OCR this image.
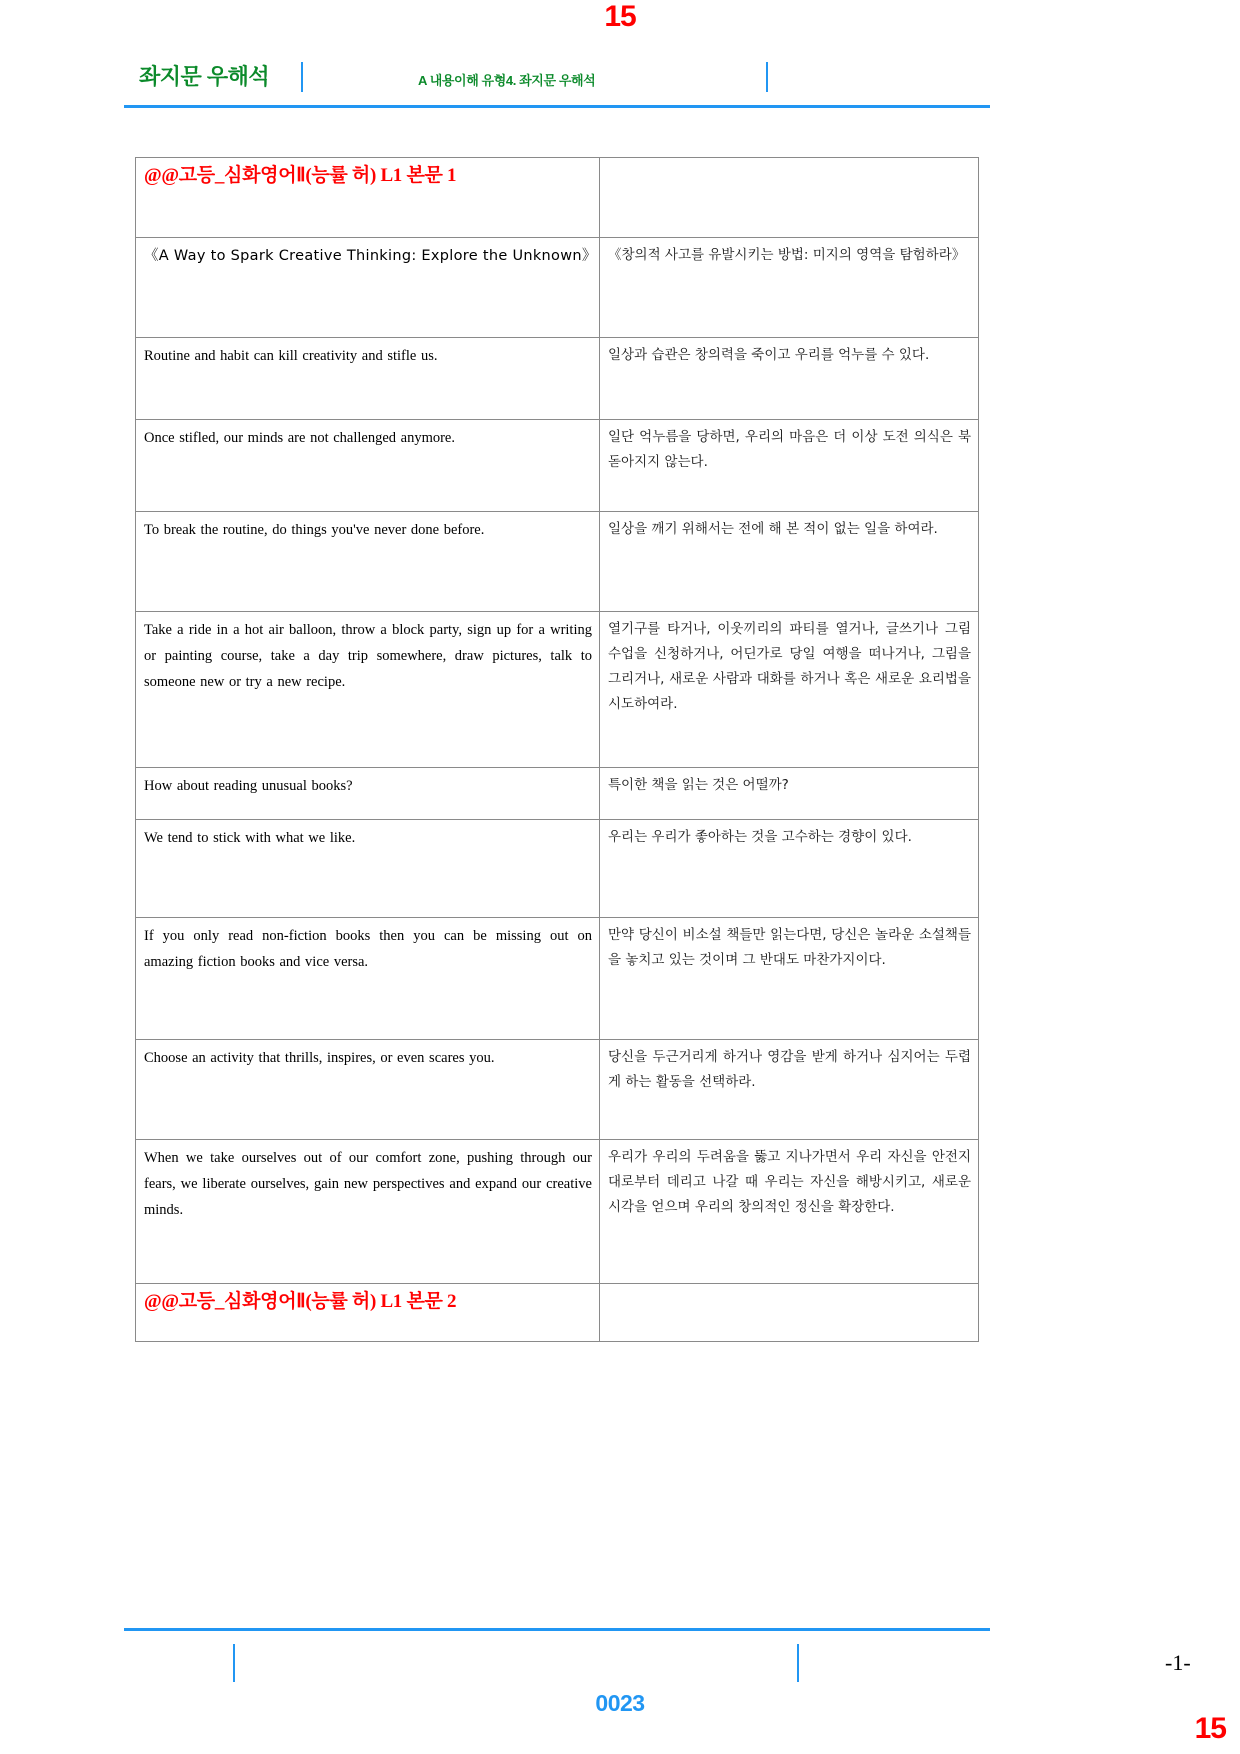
15
좌지문 우해석	A 내용이해 유형4. 좌지문 우해석
@@고등_심화영어Ⅱ(능률 허) L1 본문 1	
《A Way to Spark Creative Thinking: Explore the Unknown》	《창의적 사고를 유발시키는 방법: 미지의 영역을 탐험하라》
Routine and habit can kill creativity and stifle us.	일상과 습관은 창의력을 죽이고 우리를 억누를 수 있다.
Once stifled, our minds are not challenged anymore.	일단 억누름을 당하면, 우리의 마음은 더 이상 도전 의식은 북돋아지지 않는다.
To break the routine, do things you've never done before.	일상을 깨기 위해서는 전에 해 본 적이 없는 일을 하여라.
Take a ride in a hot air balloon, throw a block party, sign up for a writing or painting course, take a day trip somewhere, draw pictures, talk to someone new or try a new recipe.	열기구를 타거나, 이웃끼리의 파티를 열거나, 글쓰기나 그림 수업을 신청하거나, 어딘가로 당일 여행을 떠나거나, 그림을 그리거나, 새로운 사람과 대화를 하거나 혹은 새로운 요리법을 시도하여라.
How about reading unusual books?	특이한 책을 읽는 것은 어떨까?
We tend to stick with what we like.	우리는 우리가 좋아하는 것을 고수하는 경향이 있다.
If you only read non-fiction books then you can be missing out on amazing fiction books and vice versa.	만약 당신이 비소설 책들만 읽는다면, 당신은 놀라운 소설책들을 놓치고 있는 것이며 그 반대도 마찬가지이다.
Choose an activity that thrills, inspires, or even scares you.	당신을 두근거리게 하거나 영감을 받게 하거나 심지어는 두렵게 하는 활동을 선택하라.
When we take ourselves out of our comfort zone, pushing through our fears, we liberate ourselves, gain new perspectives and expand our creative minds.	우리가 우리의 두려움을 뚫고 지나가면서 우리 자신을 안전지대로부터 데리고 나갈 때 우리는 자신을 해방시키고, 새로운 시각을 얻으며 우리의 창의적인 정신을 확장한다.
@@고등_심화영어Ⅱ(능률 허) L1 본문 2	
-1-
0023
15
